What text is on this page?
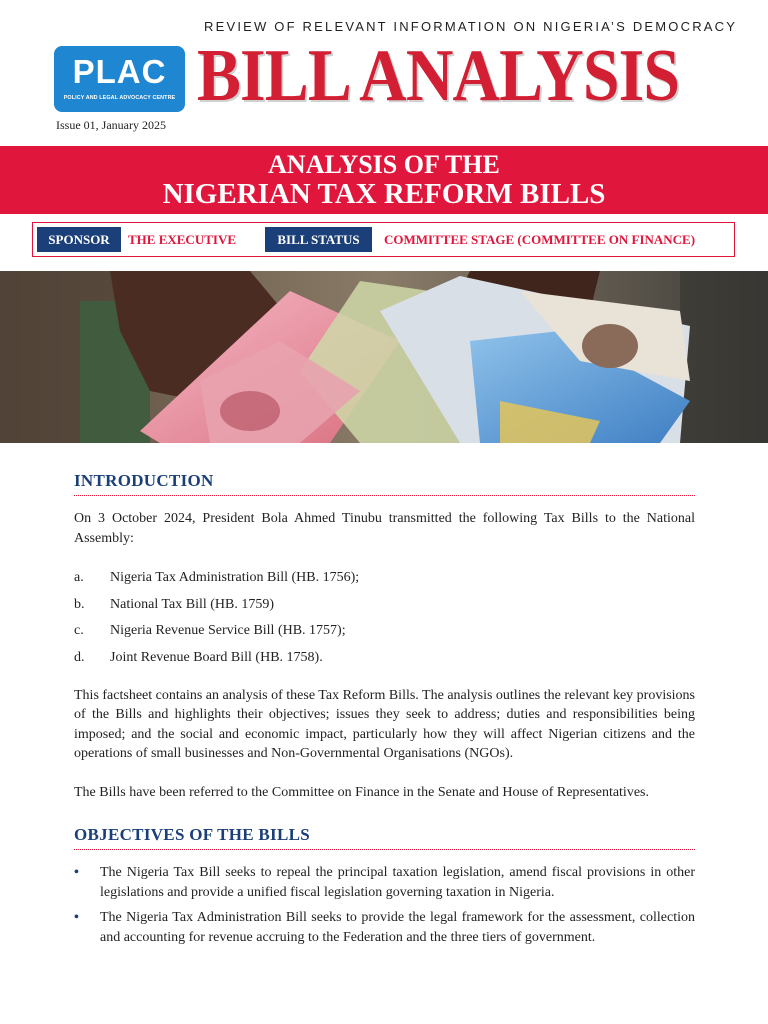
REVIEW OF RELEVANT INFORMATION ON NIGERIA’S DEMOCRACY
PLAC
POLICY AND LEGAL ADVOCACY CENTRE BILL ANALYSIS
Issue 01, January 2025
ANALYSIS OF THE
NIGERIAN TAX REFORM BILLS
SPONSOR	THE EXECUTIVE	BILL STATUS	COMMITTEE STAGE (COMMITTEE ON FINANCE)
INTRODUCTION

On 3 October 2024, President Bola Ahmed Tinubu transmitted the following Tax Bills to the National Assembly:

a.	Nigeria Tax Administration Bill (HB. 1756);
b.	National Tax Bill (HB. 1759)
c.	Nigeria Revenue Service Bill (HB. 1757);
d.	Joint Revenue Board Bill (HB. 1758).

This factsheet contains an analysis of these Tax Reform Bills. The analysis outlines the relevant key provisions of the Bills and highlights their objectives; issues they seek to address; duties and responsibilities being imposed; and the social and economic impact, particularly how they will affect Nigerian citizens and the operations of small businesses and Non-Governmental Organisations (NGOs).

The Bills have been referred to the Committee on Finance in the Senate and House of Representatives.

OBJECTIVES OF THE BILLS
• The Nigeria Tax Bill seeks to repeal the principal taxation legislation, amend fiscal provisions in other legislations and provide a unified fiscal legislation governing taxation in Nigeria.
• The Nigeria Tax Administration Bill seeks to provide the legal framework for the assessment, collection and accounting for revenue accruing to the Federation and the three tiers of government.
